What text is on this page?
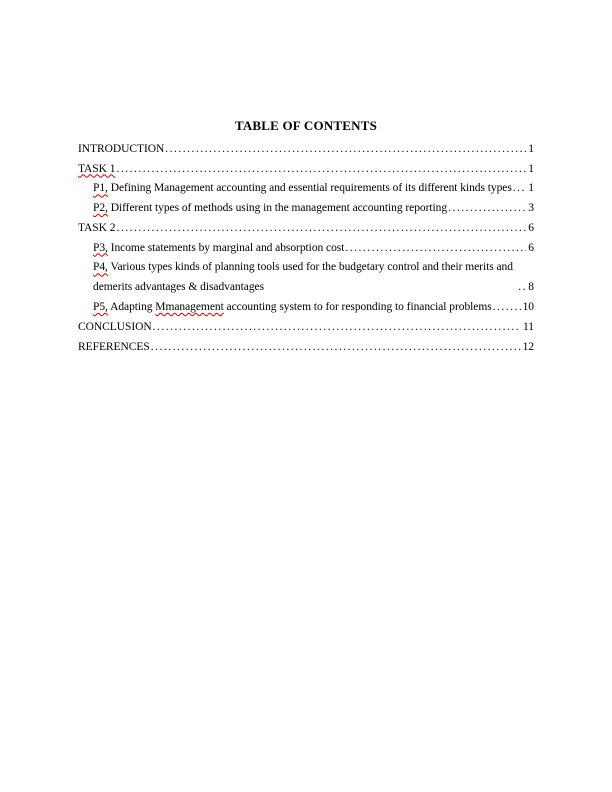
TABLE OF CONTENTS
INTRODUCTION .....	1
TASK 1 .....	1
P1, Defining Management accounting and essential requirements of its different kinds types ..... 1
P2, Different types of methods using in the management accounting reporting .....	3
TASK 2 .....	6
P3, Income statements by marginal and absorption cost .....	6
P4, Various types kinds of planning tools used for the budgetary control and their merits and demerits advantages & disadvantages .....	8
P5, Adapting Mmanagement accounting system to for responding to financial problems .....	10
CONCLUSION .....	11
REFERENCES .....	12
